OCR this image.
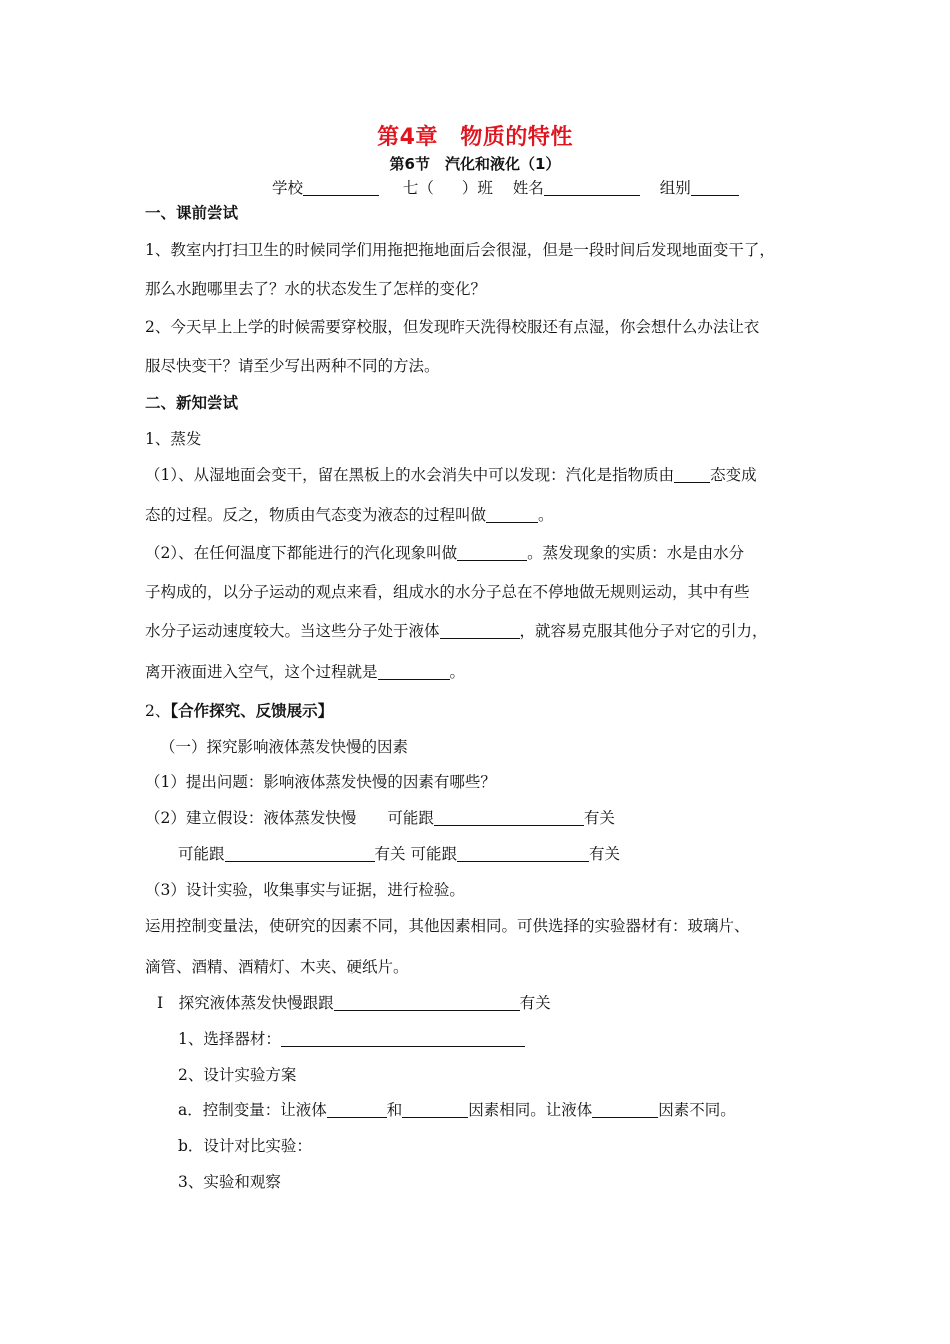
第4章　物质的特性
第6节　汽化和液化（1）
学校	七（ ）班 姓名	组别
一、课前尝试
1、教室内打扫卫生的时候同学们用拖把拖地面后会很湿，但是一段时间后发现地面变干了，
那么水跑哪里去了？水的状态发生了怎样的变化？
2、今天早上上学的时候需要穿校服，但发现昨天洗得校服还有点湿，你会想什么办法让衣
服尽快变干？请至少写出两种不同的方法。
二、新知尝试
1、蒸发
（1）、从湿地面会变干，留在黑板上的水会消失中可以发现：汽化是指物质由 态变成
态的过程。反之，物质由气态变为液态的过程叫做	。
（2）、在任何温度下都能进行的汽化现象叫做	。蒸发现象的实质：水是由水分
子构成的，以分子运动的观点来看，组成水的水分子总在不停地做无规则运动，其中有些
水分子运动速度较大。当这些分子处于液体	，就容易克服其他分子对它的引力，
离开液面进入空气，这个过程就是	。
2、【合作探究、反馈展示】
（一）探究影响液体蒸发快慢的因素
（1）提出问题：影响液体蒸发快慢的因素有哪些？
（2）建立假设：液体蒸发快慢　　可能跟	有关
可能跟	有关 可能跟	有关
（3）设计实验，收集事实与证据，进行检验。
运用控制变量法，使研究的因素不同，其他因素相同。可供选择的实验器材有：玻璃片、
滴管、酒精、酒精灯、木夹、硬纸片。
Ⅰ　探究液体蒸发快慢跟跟	有关
1、选择器材：
2、设计实验方案
a．控制变量：让液体	和	因素相同。让液体	因素不同。
b．设计对比实验：
3、实验和观察
